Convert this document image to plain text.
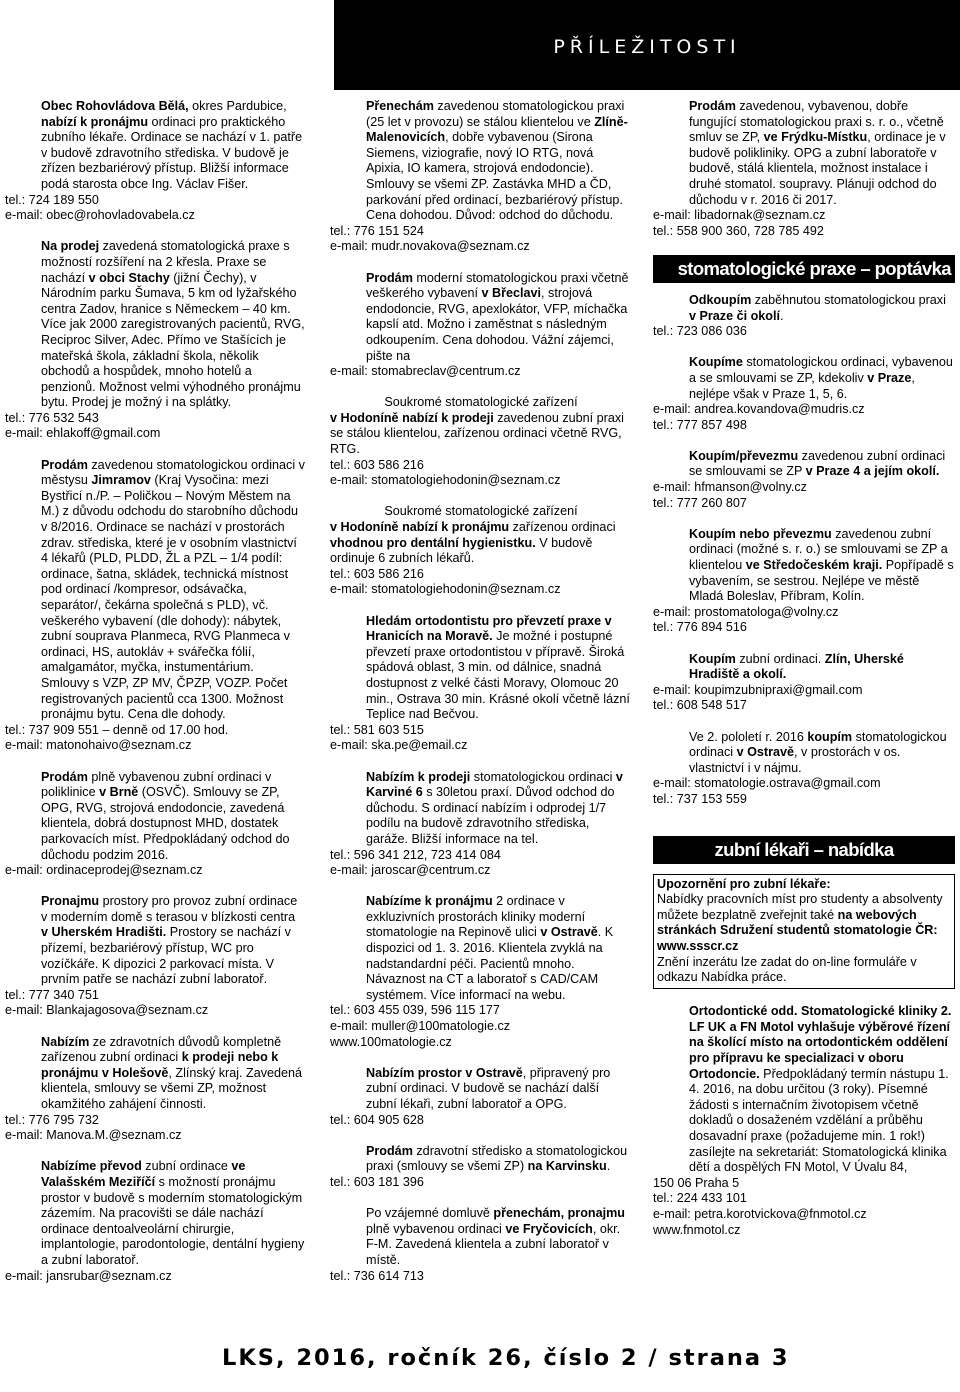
PŘÍLEŽITOSTI

Obec Rohovládova Bělá, okres Pardubice, nabízí k pronájmu ordinaci pro praktického zubního lékaře. Ordinace se nachází v 1. patře v budově zdravotního střediska. V budově je zřízen bezbariérový přístup. Bližší informace podá starosta obce Ing. Václav Fišer.

tel.: 724 189 550

e-mail: obec@rohovladovabela.cz

Na prodej zavedená stomatologická praxe s možností rozšíření na 2 křesla. Praxe se nachází v obci Stachy (jižní Čechy), v Národním parku Šumava, 5 km od lyžařského centra Zadov, hranice s Německem – 40 km. Více jak 2000 zaregistrovaných pacientů, RVG, Reciproc Silver, Adec. Přímo ve Stašících je mateřská škola, základní škola, několik obchodů a hospůdek, mnoho hotelů a penzionů. Možnost velmi výhodného pronájmu bytu. Prodej je možný i na splátky.

tel.: 776 532 543

e-mail: ehlakoff@gmail.com

Prodám zavedenou stomatologickou ordinaci v městysu Jimramov (Kraj Vysočina: mezi Bystřicí n./P. – Poličkou – Novým Městem na M.) z důvodu odchodu do starobního důchodu v 8/2016. Ordinace se nachází v prostorách zdrav. střediska, které je v osobním vlastnictví 4 lékařů (PLD, PLDD, ŽL a PZL – 1/4 podíl: ordinace, šatna, skládek, technická místnost pod ordinací /kompresor, odsávačka, separátor/, čekárna společná s PLD), vč. veškerého vybavení (dle dohody): nábytek, zubní souprava Planmeca, RVG Planmeca v ordinaci, HS, autokláv + svářečka fólií, amalgamátor, myčka, instumentárium. Smlouvy s VZP, ZP MV, ČPZP, VOZP. Počet registrovaných pacientů cca 1300. Možnost pronájmu bytu. Cena dle dohody.

tel.: 737 909 551 – denně od 17.00 hod.

e-mail: matonohaivo@seznam.cz

Prodám plně vybavenou zubní ordinaci v poliklinice v Brně (OSVČ). Smlouvy se ZP, OPG, RVG, strojová endodoncie, zavedená klientela, dobrá dostupnost MHD, dostatek parkovacích míst. Předpokládaný odchod do důchodu podzim 2016.

e-mail: ordinaceprodej@seznam.cz

Pronajmu prostory pro provoz zubní ordinace v moderním domě s terasou v blízkosti centra v Uherském Hradišti. Prostory se nachází v přízemí, bezbariérový přístup, WC pro vozíčkáře. K dipozici 2 parkovací místa. V prvním patře se nachází zubní laboratoř.

tel.: 777 340 751

e-mail: Blankajagosova@seznam.cz

Nabízím ze zdravotních důvodů kompletně zařízenou zubní ordinaci k prodeji nebo k pronájmu v Holešově, Zlínský kraj. Zavedená klientela, smlouvy se všemi ZP, možnost okamžitého zahájení činnosti.

tel.: 776 795 732

e-mail: Manova.M.@seznam.cz

Nabízíme převod zubní ordinace ve Valašském Meziříčí s možností pronájmu prostor v budově s moderním stomatologickým zázemím. Na pracovišti se dále nachází ordinace dentoalveolární chirurgie, implantologie, parodontologie, dentální hygieny a zubní laboratoř.

e-mail: jansrubar@seznam.cz

Přenechám zavedenou stomatologickou praxi (25 let v provozu) se stálou klientelou ve Zlíně-Malenovicích, dobře vybavenou (Sirona Siemens, viziografie, nový IO RTG, nová Apixia, IO kamera, strojová endodoncie). Smlouvy se všemi ZP. Zastávka MHD a ČD, parkování před ordinací, bezbariérový přístup. Cena dohodou. Důvod: odchod do důchodu.

tel.: 776 151 524

e-mail: mudr.novakova@seznam.cz

Prodám moderní stomatologickou praxi včetně veškerého vybavení v Břeclavi, strojová endodoncie, RVG, apexlokátor, VFP, míchačka kapslí atd. Možno i zaměstnat s následným odkoupením. Cena dohodou. Vážní zájemci, pište na

e-mail: stomabreclav@centrum.cz

Soukromé stomatologické zařízení

v Hodoníně nabízí k prodeji zavedenou zubní praxi se stálou klientelou, zařízenou ordinaci včetně RVG, RTG.

tel.: 603 586 216

e-mail: stomatologiehodonin@seznam.cz

Soukromé stomatologické zařízení

v Hodoníně nabízí k pronájmu zařízenou ordinaci vhodnou pro dentální hygienistku. V budově ordinuje 6 zubních lékařů.

tel.: 603 586 216

e-mail: stomatologiehodonin@seznam.cz

Hledám ortodontistu pro převzetí praxe v Hranicích na Moravě. Je možné i postupné převzetí praxe ortodontistou v přípravě. Široká spádová oblast, 3 min. od dálnice, snadná dostupnost z velké části Moravy, Olomouc 20 min., Ostrava 30 min. Krásné okolí včetně lázní Teplice nad Bečvou.

tel.: 581 603 515

e-mail: ska.pe@email.cz

Nabízím k prodeji stomatologickou ordinaci v Karviné 6 s 30letou praxí. Důvod odchod do důchodu. S ordinací nabízím i odprodej 1/7 podílu na budově zdravotního střediska, garáže. Bližší informace na tel.

tel.: 596 341 212, 723 414 084

e-mail: jaroscar@centrum.cz

Nabízíme k pronájmu 2 ordinace v exkluzivních prostorách kliniky moderní stomatologie na Repinově ulici v Ostravě. K dispozici od 1. 3. 2016. Klientela zvyklá na nadstandardní péči. Pacientů mnoho. Návaznost na CT a laboratoř s CAD/CAM systémem. Více informací na webu.

tel.: 603 455 039, 596 115 177

e-mail: muller@100matologie.cz

www.100matologie.cz

Nabízím prostor v Ostravě, připravený pro zubní ordinaci. V budově se nachází další zubní lékaři, zubní laboratoř a OPG.

tel.: 604 905 628

Prodám zdravotní středisko a stomatologickou praxi (smlouvy se všemi ZP) na Karvinsku.

tel.: 603 181 396

Po vzájemné domluvě přenechám, pronajmu plně vybavenou ordinaci ve Fryčovicích, okr. F-M. Zavedená klientela a zubní laboratoř v místě.

tel.: 736 614 713

Prodám zavedenou, vybavenou, dobře fungující stomatologickou praxi s. r. o., včetně smluv se ZP, ve Frýdku-Místku, ordinace je v budově polikliniky. OPG a zubní laboratoře v budově, stálá klientela, možnost instalace i druhé stomatol. soupravy. Plánuji odchod do důchodu v r. 2016 či 2017.

e-mail: libadornak@seznam.cz

tel.: 558 900 360, 728 785 492

stomatologické praxe – poptávka

Odkoupím zaběhnutou stomatologickou praxi v Praze či okolí.

tel.: 723 086 036

Koupíme stomatologickou ordinaci, vybavenou a se smlouvami se ZP, kdekoliv v Praze, nejlépe však v Praze 1, 5, 6.

e-mail: andrea.kovandova@mudris.cz

tel.: 777 857 498

Koupím/převezmu zavedenou zubní ordinaci se smlouvami se ZP v Praze 4 a jejím okolí.

e-mail: hfmanson@volny.cz

tel.: 777 260 807

Koupím nebo převezmu zavedenou zubní ordinaci (možné s. r. o.) se smlouvami se ZP a klientelou ve Středočeském kraji. Popřípadě s vybavením, se sestrou. Nejlépe ve městě Mladá Boleslav, Příbram, Kolín.

e-mail: prostomatologa@volny.cz

tel.: 776 894 516

Koupím zubní ordinaci. Zlín, Uherské Hradiště a okolí.

e-mail: koupimzubnipraxi@gmail.com

tel.: 608 548 517

Ve 2. pololetí r. 2016 koupím stomatologickou ordinaci v Ostravě, v prostorách v os. vlastnictví i v nájmu.

e-mail: stomatologie.ostrava@gmail.com

tel.: 737 153 559

zubní lékaři – nabídka

Upozornění pro zubní lékaře:

Nabídky pracovních míst pro studenty a absolventy můžete bezplatně zveřejnit také na webových stránkách Sdružení studentů stomatologie ČR: www.sssсr.cz

Znění inzerátu lze zadat do on-line formuláře v odkazu Nabídka práce.

Ortodontické odd. Stomatologické kliniky 2. LF UK a FN Motol vyhlašuje výběrové řízení na školící místo na ortodontickém oddělení pro přípravu ke specializaci v oboru Ortodoncie. Předpokládaný termín nástupu 1. 4. 2016, na dobu určitou (3 roky). Písemné žádosti s internačním životopisem včetně dokladů o dosaženém vzdělání a průběhu dosavadní praxe (požadujeme min. 1 rok!) zasílejte na sekretariát: Stomatologická klinika dětí a dospělých FN Motol, V Úvalu 84,

150 06 Praha 5

tel.: 224 433 101

e-mail: petra.korotvickova@fnmotol.cz

www.fnmotol.cz

LKS, 2016, ročník 26, číslo 2 / strana 3
